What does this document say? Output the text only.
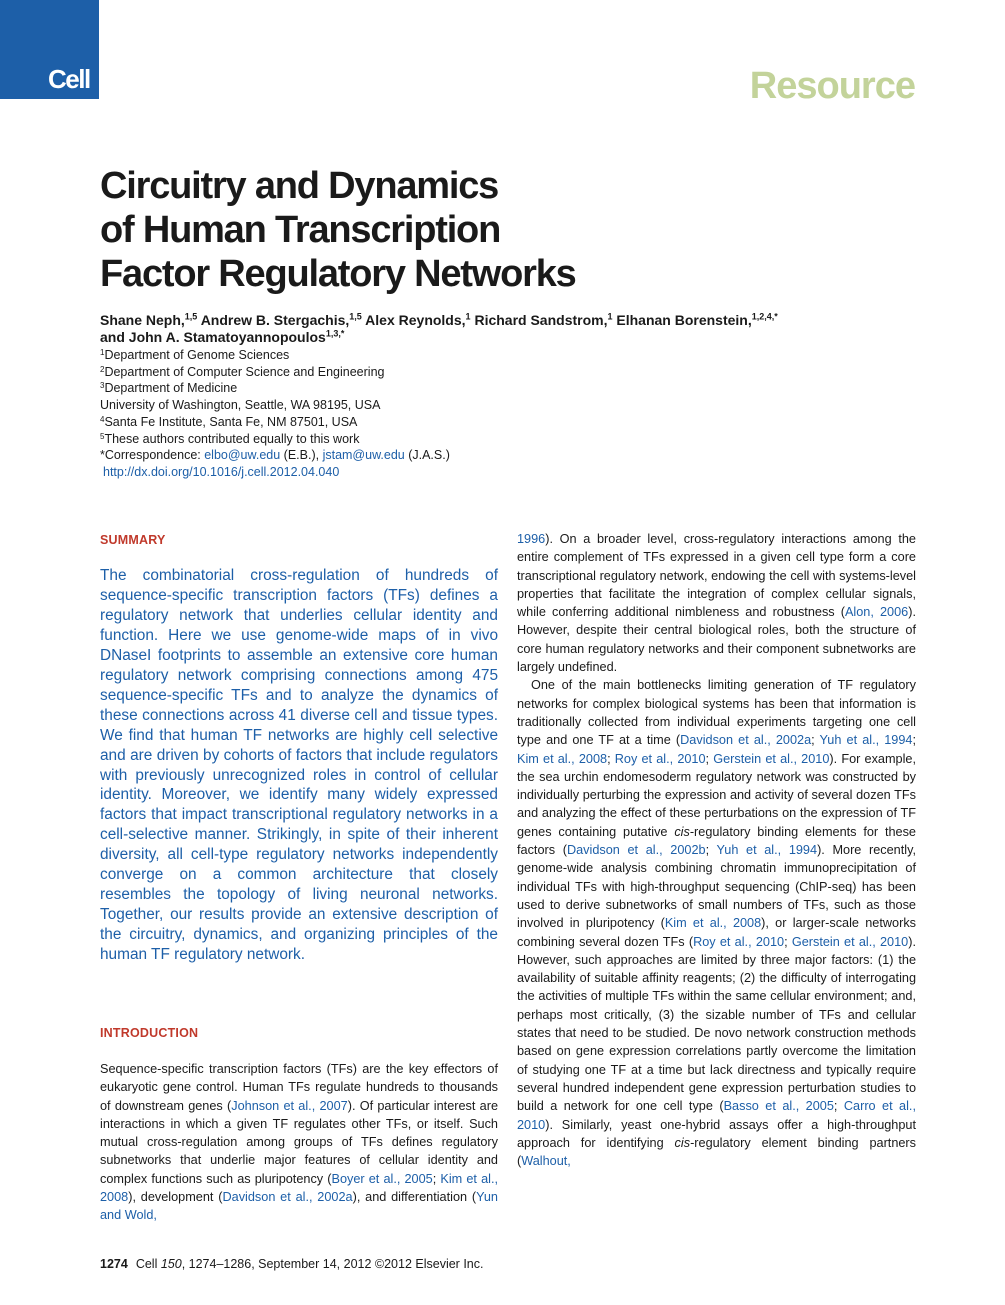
Cell	Resource
Circuitry and Dynamics
of Human Transcription
Factor Regulatory Networks
Shane Neph,$^{1,5}$ Andrew B. Stergachis,$^{1,5}$ Alex Reynolds,$^1$ Richard Sandstrom,$^1$ Elhanan Borenstein,$^{1,2,4,*}$
and John A. Stamatoyannopoulos$^{1,3,*}$
$^1$Department of Genome Sciences
$^2$Department of Computer Science and Engineering
$^3$Department of Medicine
University of Washington, Seattle, WA 98195, USA
$^4$Santa Fe Institute, Santa Fe, NM 87501, USA
$^5$These authors contributed equally to this work
*Correspondence: elbo@uw.edu (E.B.), jstam@uw.edu (J.A.S.)
http://dx.doi.org/10.1016/j.cell.2012.04.040
SUMMARY
The combinatorial cross-regulation of hundreds of sequence-specific transcription factors (TFs) defines a regulatory network that underlies cellular identity and function. Here we use genome-wide maps of in vivo DNaseI footprints to assemble an extensive core human regulatory network comprising connections among 475 sequence-specific TFs and to analyze the dynamics of these connections across 41 diverse cell and tissue types. We find that human TF networks are highly cell selective and are driven by cohorts of factors that include regulators with previously unrecognized roles in control of cellular identity. Moreover, we identify many widely expressed factors that impact transcriptional regulatory networks in a cell-selective manner. Strikingly, in spite of their inherent diversity, all cell-type regulatory networks independently converge on a common architecture that closely resembles the topology of living neuronal networks. Together, our results provide an extensive description of the circuitry, dynamics, and organizing principles of the human TF regulatory network.
INTRODUCTION

Sequence-specific transcription factors (TFs) are the key effectors of eukaryotic gene control. Human TFs regulate hundreds to thousands of downstream genes (Johnson et al., 2007). Of particular interest are interactions in which a given TF regulates other TFs, or itself. Such mutual cross-regulation among groups of TFs defines regulatory subnetworks that underlie major features of cellular identity and complex functions such as pluripotency (Boyer et al., 2005; Kim et al., 2008), development (Davidson et al., 2002a), and differentiation (Yun and Wold,

1996). On a broader level, cross-regulatory interactions among the entire complement of TFs expressed in a given cell type form a core transcriptional regulatory network, endowing the cell with systems-level properties that facilitate the integration of complex cellular signals, while conferring additional nimbleness and robustness (Alon, 2006). However, despite their central biological roles, both the structure of core human regulatory networks and their component subnetworks are largely undefined.

One of the main bottlenecks limiting generation of TF regulatory networks for complex biological systems has been that information is traditionally collected from individual experiments targeting one cell type and one TF at a time (Davidson et al., 2002a; Yuh et al., 1994; Kim et al., 2008; Roy et al., 2010; Gerstein et al., 2010). For example, the sea urchin endomesoderm regulatory network was constructed by individually perturbing the expression and activity of several dozen TFs and analyzing the effect of these perturbations on the expression of TF genes containing putative cis-regulatory binding elements for these factors (Davidson et al., 2002b; Yuh et al., 1994). More recently, genome-wide analysis combining chromatin immunoprecipitation of individual TFs with high-throughput sequencing (ChIP-seq) has been used to derive subnetworks of small numbers of TFs, such as those involved in pluripotency (Kim et al., 2008), or larger-scale networks combining several dozen TFs (Roy et al., 2010; Gerstein et al., 2010). However, such approaches are limited by three major factors: (1) the availability of suitable affinity reagents; (2) the difficulty of interrogating the activities of multiple TFs within the same cellular environment; and, perhaps most critically, (3) the sizable number of TFs and cellular states that need to be studied. De novo network construction methods based on gene expression correlations partly overcome the limitation of studying one TF at a time but lack directness and typically require several hundred independent gene expression perturbation studies to build a network for one cell type (Basso et al., 2005; Carro et al., 2010). Similarly, yeast one-hybrid assays offer a high-throughput approach for identifying cis-regulatory element binding partners (Walhout,

1274 Cell 150, 1274–1286, September 14, 2012 ©2012 Elsevier Inc.
